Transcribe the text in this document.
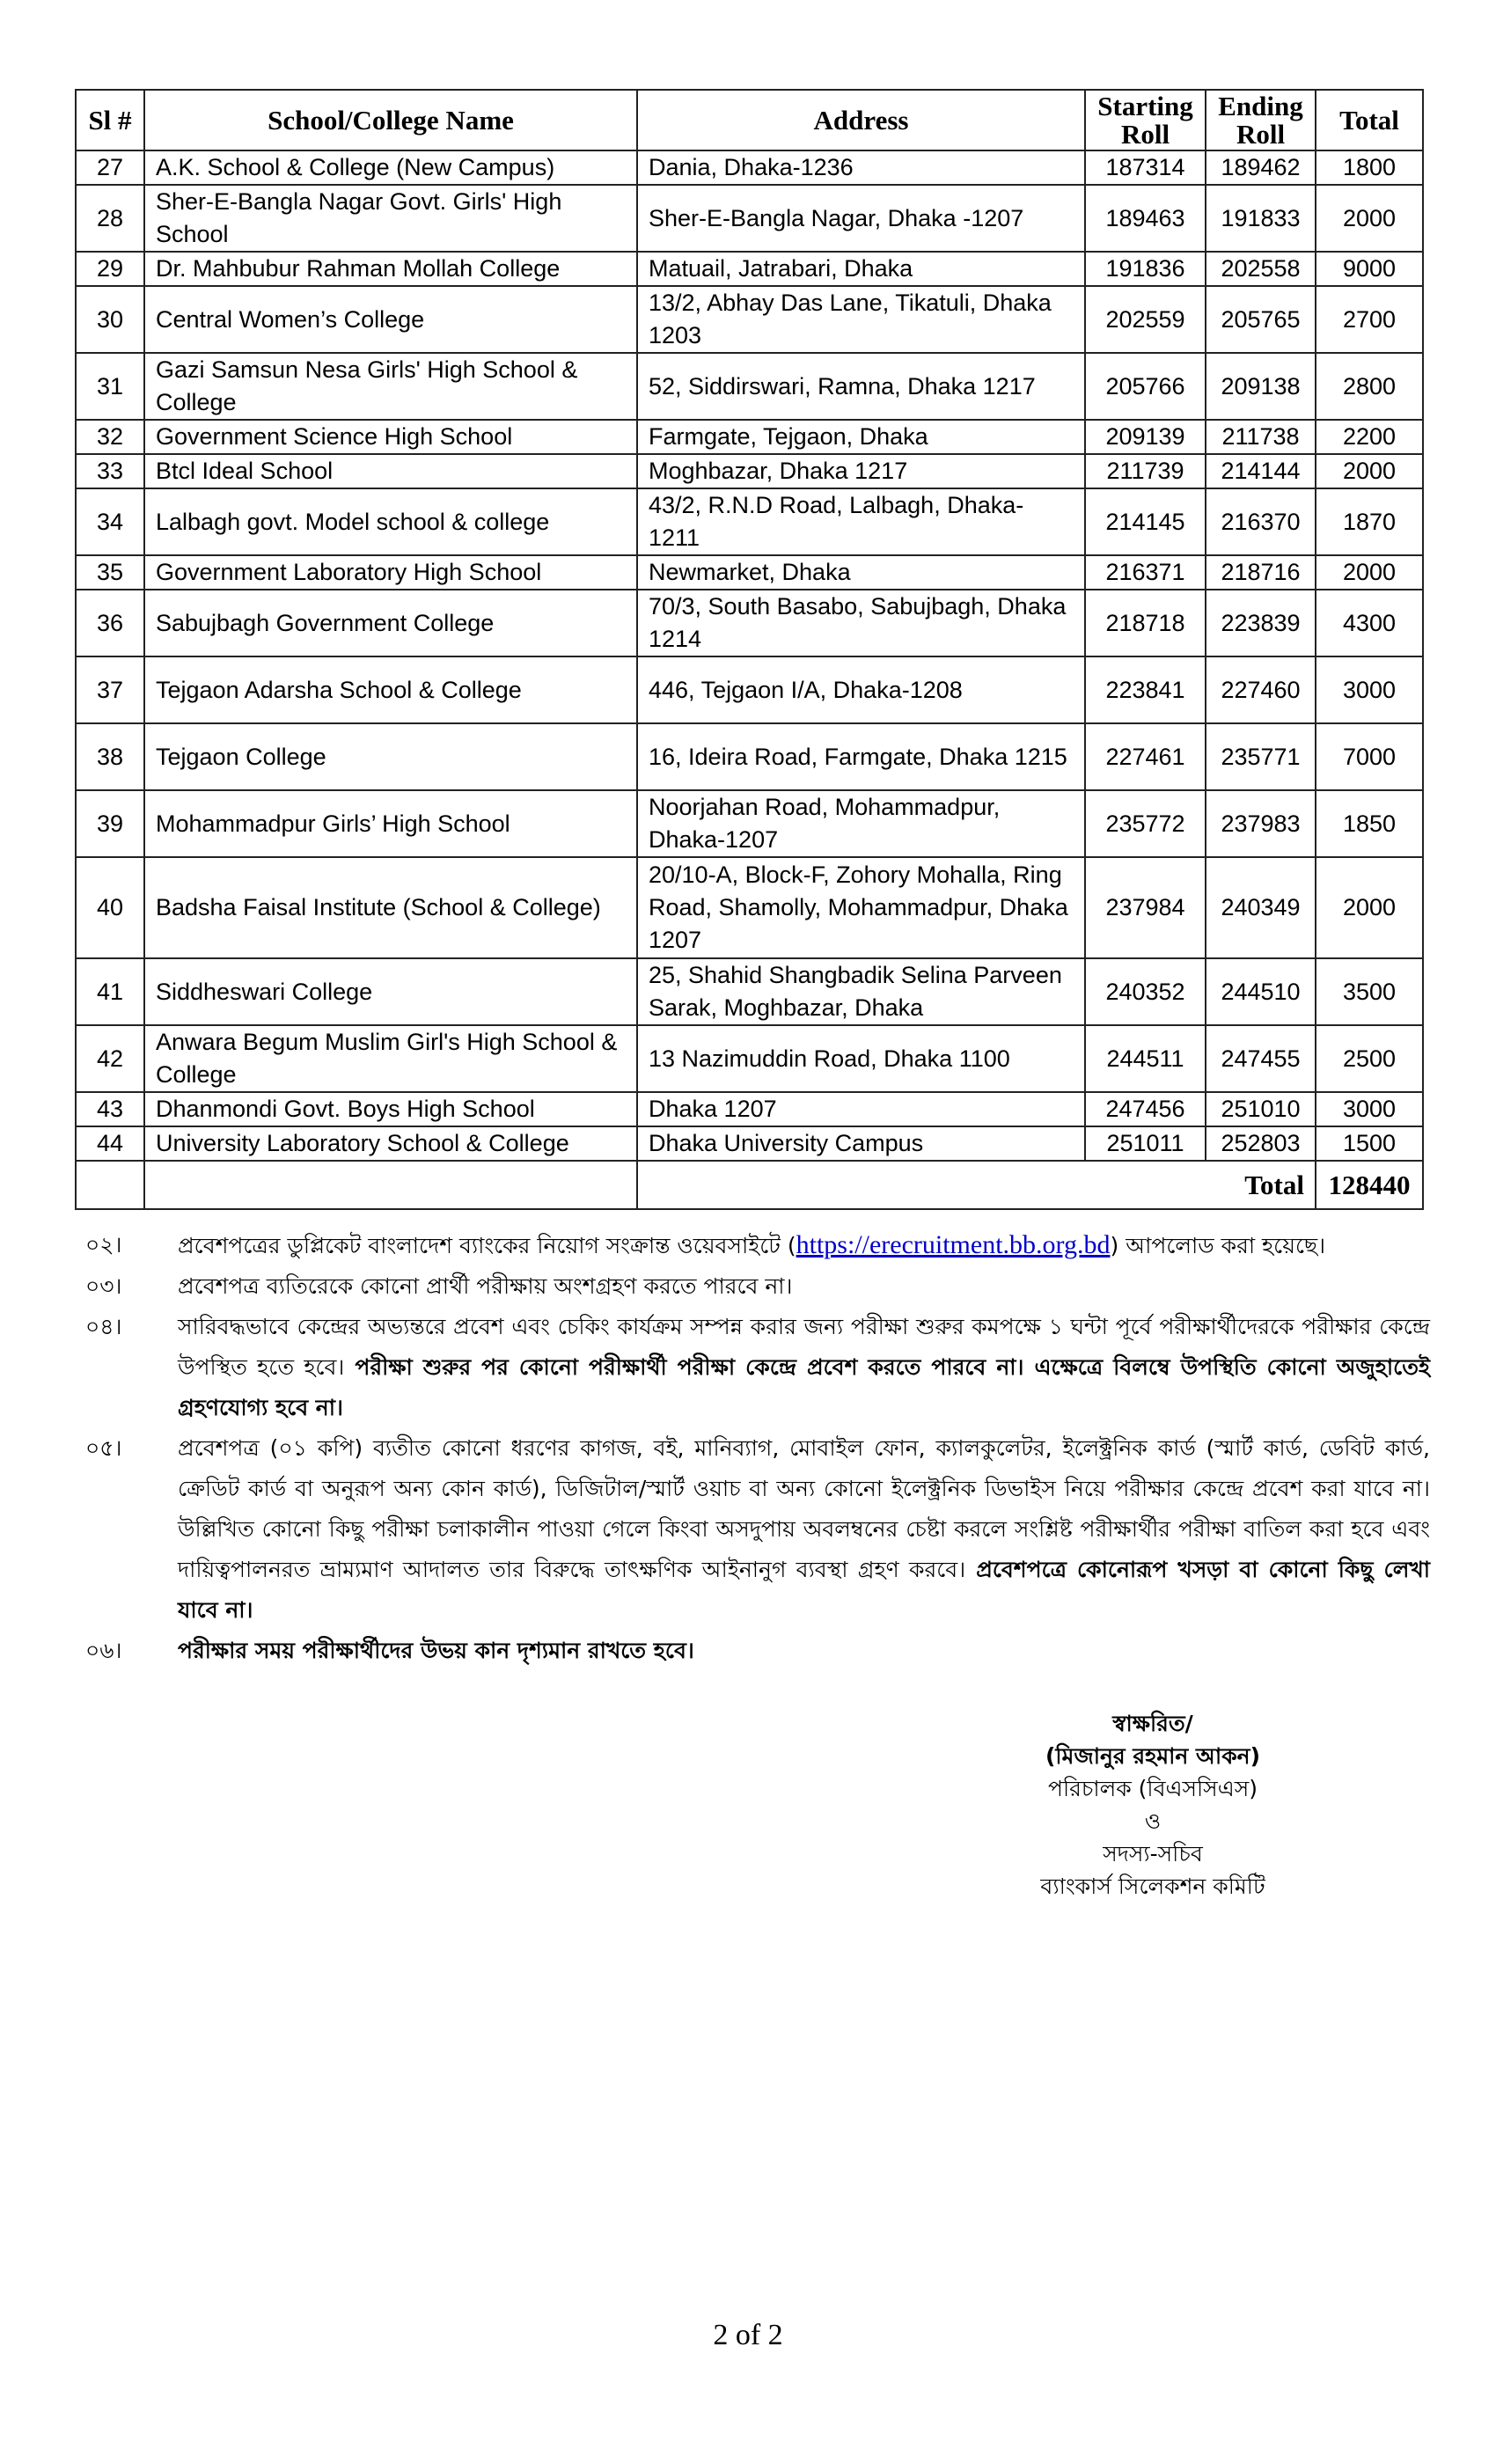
Sl #	School/College Name	Address	Starting Roll	Ending Roll	Total
27	A.K. School & College (New Campus)	Dania, Dhaka-1236	187314	189462	1800
28	Sher-E-Bangla Nagar Govt. Girls' High School	Sher-E-Bangla Nagar, Dhaka -1207	189463	191833	2000
29	Dr. Mahbubur Rahman Mollah College	Matuail, Jatrabari, Dhaka	191836	202558	9000
30	Central Women’s College	13/2, Abhay Das Lane, Tikatuli, Dhaka 1203	202559	205765	2700
31	Gazi Samsun Nesa Girls' High School & College	52, Siddirswari, Ramna, Dhaka 1217	205766	209138	2800
32	Government Science High School	Farmgate, Tejgaon, Dhaka	209139	211738	2200
33	Btcl Ideal School	Moghbazar, Dhaka 1217	211739	214144	2000
34	Lalbagh govt. Model school & college	43/2, R.N.D Road, Lalbagh, Dhaka-1211	214145	216370	1870
35	Government Laboratory High School	Newmarket, Dhaka	216371	218716	2000
36	Sabujbagh Government College	70/3, South Basabo, Sabujbagh, Dhaka 1214	218718	223839	4300
37	Tejgaon Adarsha School & College	446, Tejgaon I/A, Dhaka-1208	223841	227460	3000
38	Tejgaon College	16, Ideira Road, Farmgate, Dhaka 1215	227461	235771	7000
39	Mohammadpur Girls’ High School	Noorjahan Road, Mohammadpur, Dhaka-1207	235772	237983	1850
40	Badsha Faisal Institute (School & College)	20/10-A, Block-F, Zohory Mohalla, Ring Road, Shamolly, Mohammadpur, Dhaka 1207	237984	240349	2000
41	Siddheswari College	25, Shahid Shangbadik Selina Parveen Sarak, Moghbazar, Dhaka	240352	244510	3500
42	Anwara Begum Muslim Girl's High School & College	13 Nazimuddin Road, Dhaka 1100	244511	247455	2500
43	Dhanmondi Govt. Boys High School	Dhaka 1207	247456	251010	3000
44	University Laboratory School & College	Dhaka University Campus	251011	252803	1500
		Total			128440
০২।	প্রবেশপত্রের ডুপ্লিকেট বাংলাদেশ ব্যাংকের নিয়োগ সংক্রান্ত ওয়েবসাইটে (https://erecruitment.bb.org.bd) আপলোড করা হয়েছে।
০৩।	প্রবেশপত্র ব্যতিরেকে কোনো প্রার্থী পরীক্ষায় অংশগ্রহণ করতে পারবে না।
০৪।	সারিবদ্ধভাবে কেন্দ্রের অভ্যন্তরে প্রবেশ এবং চেকিং কার্যক্রম সম্পন্ন করার জন্য পরীক্ষা শুরুর কমপক্ষে ১ ঘন্টা পূর্বে পরীক্ষার্থীদেরকে পরীক্ষার কেন্দ্রে উপস্থিত হতে হবে। পরীক্ষা শুরুর পর কোনো পরীক্ষার্থী পরীক্ষা কেন্দ্রে প্রবেশ করতে পারবে না। এক্ষেত্রে বিলম্বে উপস্থিতি কোনো অজুহাতেই গ্রহণযোগ্য হবে না।
০৫।	প্রবেশপত্র (০১ কপি) ব্যতীত কোনো ধরণের কাগজ, বই, মানিব্যাগ, মোবাইল ফোন, ক্যালকুলেটর, ইলেক্ট্রনিক কার্ড (স্মার্ট কার্ড, ডেবিট কার্ড, ক্রেডিট কার্ড বা অনুরূপ অন্য কোন কার্ড), ডিজিটাল/স্মার্ট ওয়াচ বা অন্য কোনো ইলেক্ট্রনিক ডিভাইস নিয়ে পরীক্ষার কেন্দ্রে প্রবেশ করা যাবে না। উল্লিখিত কোনো কিছু পরীক্ষা চলাকালীন পাওয়া গেলে কিংবা অসদুপায় অবলম্বনের চেষ্টা করলে সংশ্লিষ্ট পরীক্ষার্থীর পরীক্ষা বাতিল করা হবে এবং দায়িত্বপালনরত ভ্রাম্যমাণ আদালত তার বিরুদ্ধে তাৎক্ষণিক আইনানুগ ব্যবস্থা গ্রহণ করবে। প্রবেশপত্রে কোনোরূপ খসড়া বা কোনো কিছু লেখা যাবে না।
০৬।	পরীক্ষার সময় পরীক্ষার্থীদের উভয় কান দৃশ্যমান রাখতে হবে।
স্বাক্ষরিত/
(মিজানুর রহমান আকন)
পরিচালক (বিএসসিএস)
ও
সদস্য-সচিব
ব্যাংকার্স সিলেকশন কমিটি
2 of 2
